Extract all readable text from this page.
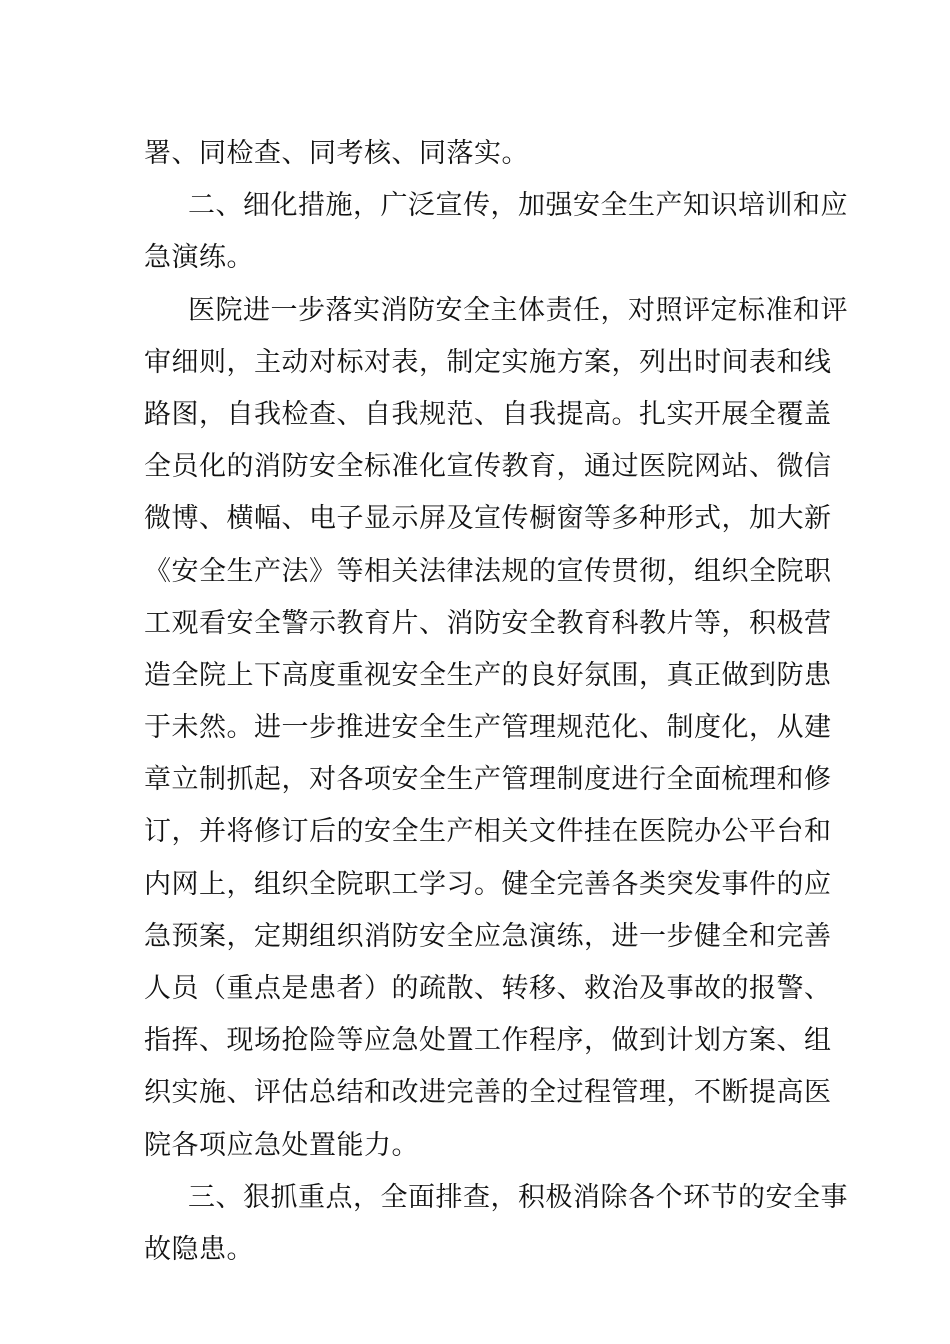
署、同检查、同考核、同落实。
二、细化措施，广泛宣传，加强安全生产知识培训和应
急演练。
医院进一步落实消防安全主体责任，对照评定标准和评
审细则，主动对标对表，制定实施方案，列出时间表和线
路图，自我检查、自我规范、自我提高。扎实开展全覆盖
全员化的消防安全标准化宣传教育，通过医院网站、微信
微博、横幅、电子显示屏及宣传橱窗等多种形式，加大新
《安全生产法》等相关法律法规的宣传贯彻，组织全院职
工观看安全警示教育片、消防安全教育科教片等，积极营
造全院上下高度重视安全生产的良好氛围，真正做到防患
于未然。进一步推进安全生产管理规范化、制度化，从建
章立制抓起，对各项安全生产管理制度进行全面梳理和修
订，并将修订后的安全生产相关文件挂在医院办公平台和
内网上，组织全院职工学习。健全完善各类突发事件的应
急预案，定期组织消防安全应急演练，进一步健全和完善
人员（重点是患者）的疏散、转移、救治及事故的报警、
指挥、现场抢险等应急处置工作程序，做到计划方案、组
织实施、评估总结和改进完善的全过程管理，不断提高医
院各项应急处置能力。
三、狠抓重点，全面排查，积极消除各个环节的安全事
故隐患。
